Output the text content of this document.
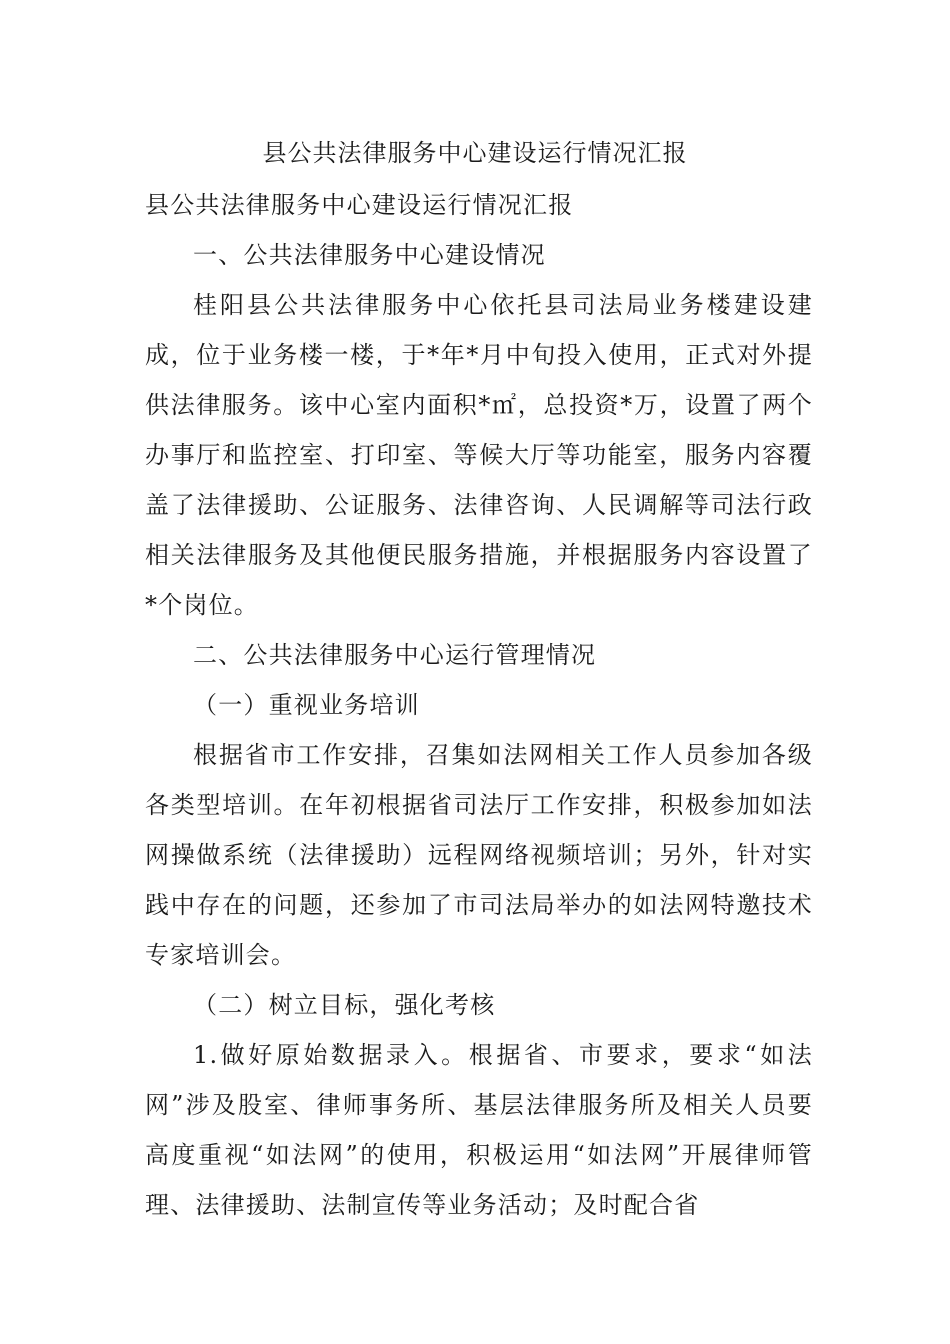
县公共法律服务中心建设运行情况汇报

县公共法律服务中心建设运行情况汇报

一、公共法律服务中心建设情况

桂阳县公共法律服务中心依托县司法局业务楼建设建成，位于业务楼一楼，于*年*月中旬投入使用，正式对外提供法律服务。该中心室内面积*㎡，总投资*万，设置了两个办事厅和监控室、打印室、等候大厅等功能室，服务内容覆盖了法律援助、公证服务、法律咨询、人民调解等司法行政相关法律服务及其他便民服务措施，并根据服务内容设置了*个岗位。

二、公共法律服务中心运行管理情况

（一）重视业务培训

根据省市工作安排，召集如法网相关工作人员参加各级各类型培训。在年初根据省司法厅工作安排，积极参加如法网操做系统（法律援助）远程网络视频培训；另外，针对实践中存在的问题，还参加了市司法局举办的如法网特邀技术专家培训会。

（二）树立目标，强化考核

1.做好原始数据录入。根据省、市要求，要求“如法网”涉及股室、律师事务所、基层法律服务所及相关人员要高度重视“如法网”的使用，积极运用“如法网”开展律师管理、法律援助、法制宣传等业务活动；及时配合省
